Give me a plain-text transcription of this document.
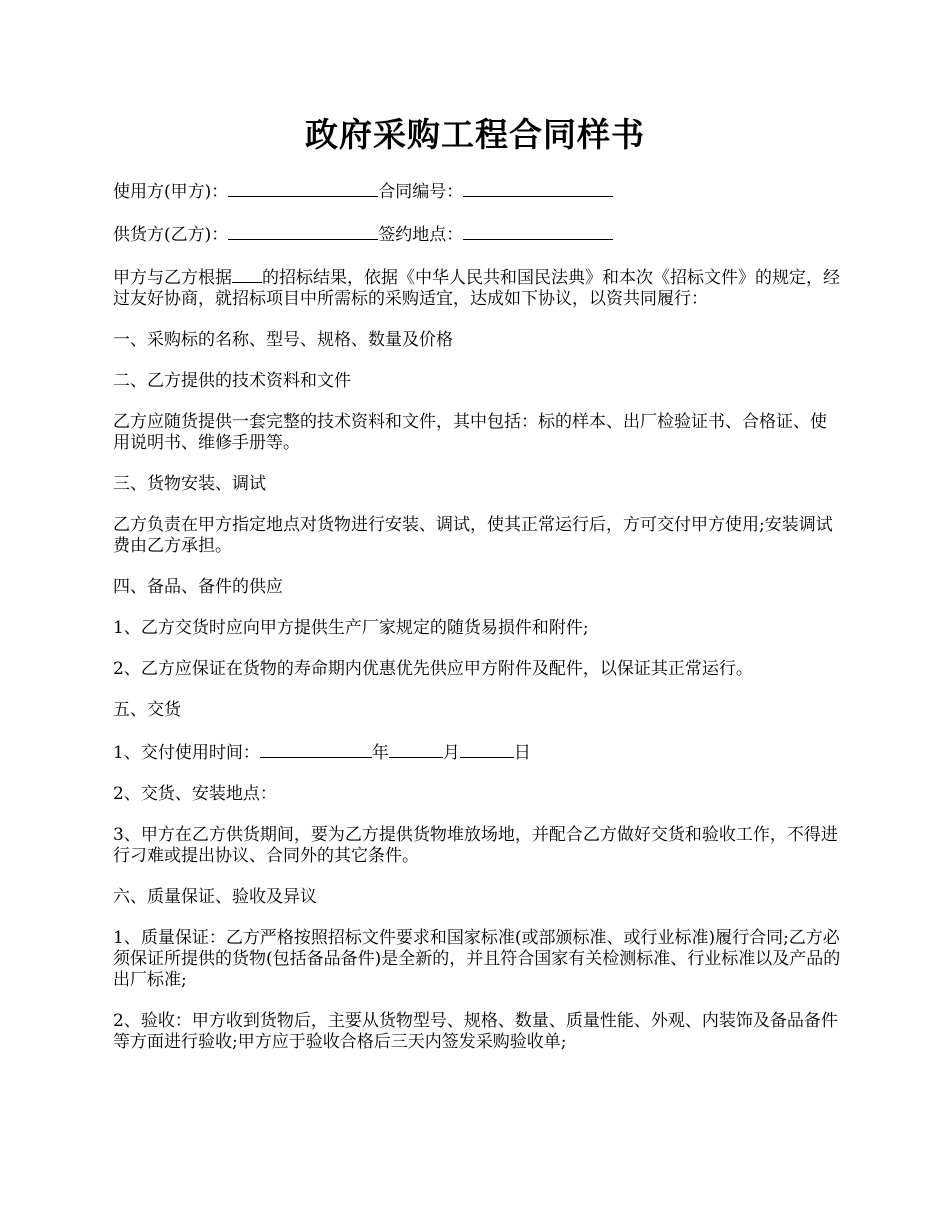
政府采购工程合同样书
使用方(甲方)：	合同编号：
供货方(乙方)：	签约地点：
甲方与乙方根据 的招标结果，依据《中华人民共和国民法典》和本次《招标文件》的规定，经过友好协商，就招标项目中所需标的采购适宜，达成如下协议，以资共同履行：
一、采购标的名称、型号、规格、数量及价格
二、乙方提供的技术资料和文件
乙方应随货提供一套完整的技术资料和文件，其中包括：标的样本、出厂检验证书、合格证、使用说明书、维修手册等。
三、货物安装、调试
乙方负责在甲方指定地点对货物进行安装、调试，使其正常运行后，方可交付甲方使用;安装调试费由乙方承担。
四、备品、备件的供应
1、乙方交货时应向甲方提供生产厂家规定的随货易损件和附件;
2、乙方应保证在货物的寿命期内优惠优先供应甲方附件及配件，以保证其正常运行。
五、交货
1、交付使用时间：	年	月	日
2、交货、安装地点：
3、甲方在乙方供货期间，要为乙方提供货物堆放场地，并配合乙方做好交货和验收工作，不得进行刁难或提出协议、合同外的其它条件。
六、质量保证、验收及异议
1、质量保证：乙方严格按照招标文件要求和国家标准(或部颁标准、或行业标准)履行合同;乙方必须保证所提供的货物(包括备品备件)是全新的，并且符合国家有关检测标准、行业标准以及产品的出厂标准;
2、验收：甲方收到货物后，主要从货物型号、规格、数量、质量性能、外观、内装饰及备品备件等方面进行验收;甲方应于验收合格后三天内签发采购验收单;
